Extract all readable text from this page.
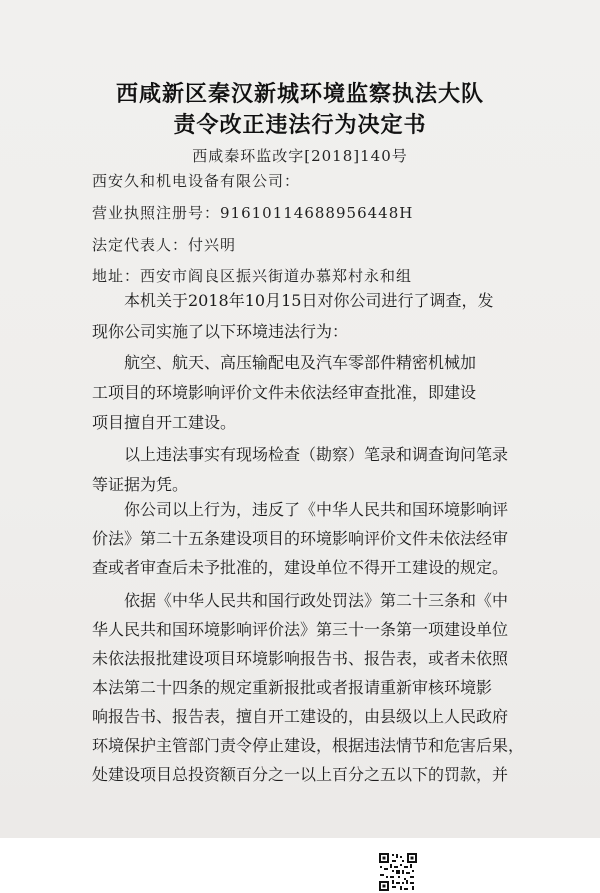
西咸新区秦汉新城环境监察执法大队
责令改正违法行为决定书
西咸秦环监改字[2018]140号
西安久和机电设备有限公司：
营业执照注册号：91610114688956448H
法定代表人：付兴明
地址：西安市阎良区振兴街道办慕郑村永和组
本机关于2018年10月15日对你公司进行了调查，发
现你公司实施了以下环境违法行为：
航空、航天、高压输配电及汽车零部件精密机械加
工项目的环境影响评价文件未依法经审查批准，即建设
项目擅自开工建设。
以上违法事实有现场检查（勘察）笔录和调查询问笔录
等证据为凭。
你公司以上行为，违反了《中华人民共和国环境影响评
价法》第二十五条建设项目的环境影响评价文件未依法经审
查或者审查后未予批准的，建设单位不得开工建设的规定。
依据《中华人民共和国行政处罚法》第二十三条和《中
华人民共和国环境影响评价法》第三十一条第一项建设单位
未依法报批建设项目环境影响报告书、报告表，或者未依照
本法第二十四条的规定重新报批或者报请重新审核环境影
响报告书、报告表，擅自开工建设的，由县级以上人民政府
环境保护主管部门责令停止建设，根据违法情节和危害后果，
处建设项目总投资额百分之一以上百分之五以下的罚款，并
